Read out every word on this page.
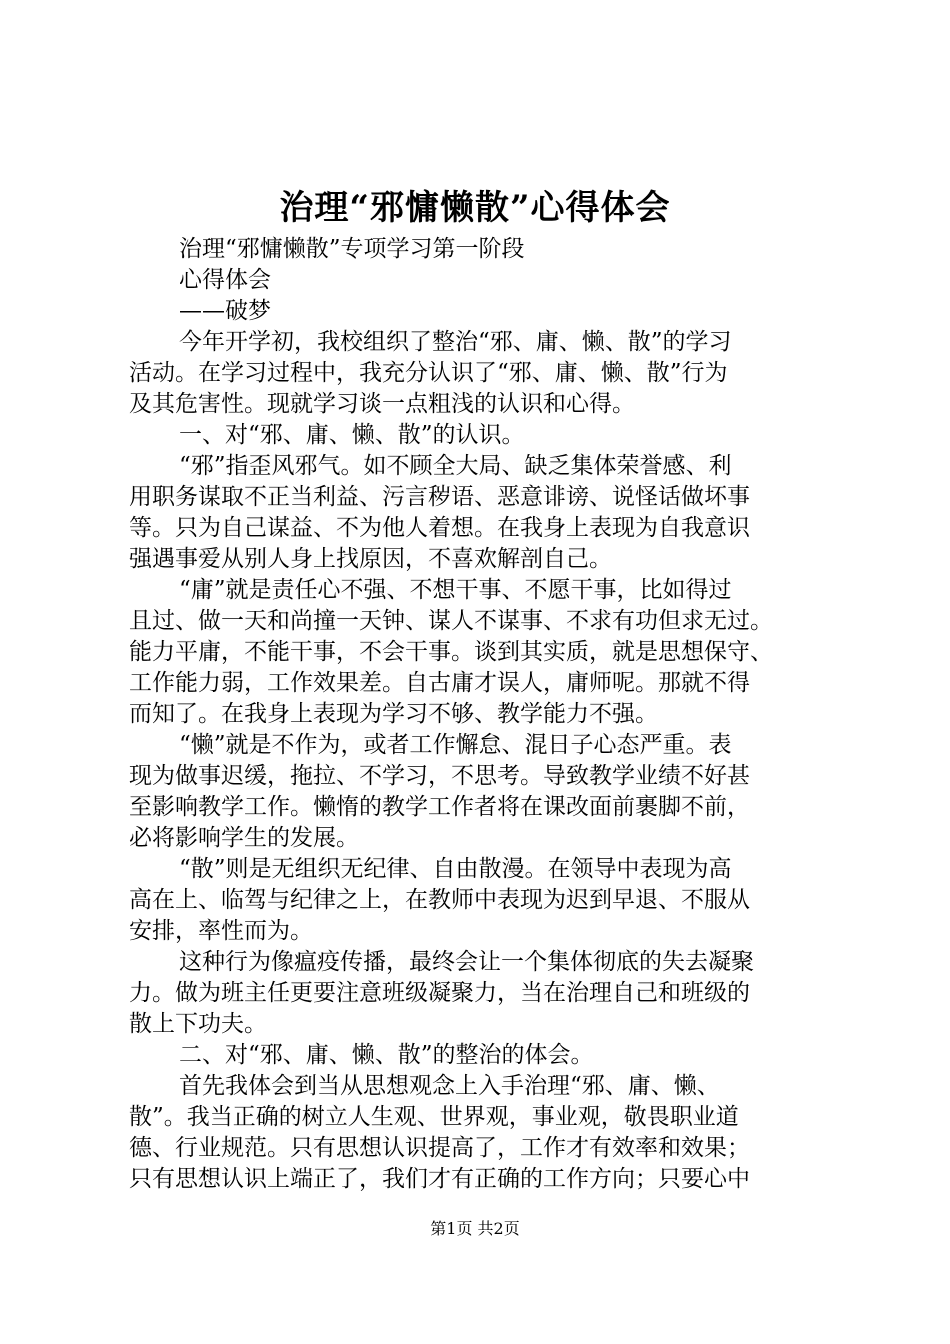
治理“邪慵懒散”心得体会
治理“邪慵懒散”专项学习第一阶段
心得体会
——破梦
今年开学初，我校组织了整治“邪、庸、懒、散”的学习
活动。在学习过程中，我充分认识了“邪、庸、懒、散”行为
及其危害性。现就学习谈一点粗浅的认识和心得。
一、对“邪、庸、懒、散”的认识。
“邪”指歪风邪气。如不顾全大局、缺乏集体荣誉感、利
用职务谋取不正当利益、污言秽语、恶意诽谤、说怪话做坏事
等。只为自己谋益、不为他人着想。在我身上表现为自我意识
强遇事爱从别人身上找原因，不喜欢解剖自己。
“庸”就是责任心不强、不想干事、不愿干事，比如得过
且过、做一天和尚撞一天钟、谋人不谋事、不求有功但求无过。
能力平庸，不能干事，不会干事。谈到其实质，就是思想保守、
工作能力弱，工作效果差。自古庸才误人，庸师呢。那就不得
而知了。在我身上表现为学习不够、教学能力不强。
“懒”就是不作为，或者工作懈怠、混日子心态严重。表
现为做事迟缓，拖拉、不学习，不思考。导致教学业绩不好甚
至影响教学工作。懒惰的教学工作者将在课改面前裹脚不前，
必将影响学生的发展。
“散”则是无组织无纪律、自由散漫。在领导中表现为高
高在上、临驾与纪律之上，在教师中表现为迟到早退、不服从
安排，率性而为。
这种行为像瘟疫传播，最终会让一个集体彻底的失去凝聚
力。做为班主任更要注意班级凝聚力，当在治理自己和班级的
散上下功夫。
二、对“邪、庸、懒、散”的整治的体会。
首先我体会到当从思想观念上入手治理“邪、庸、懒、
散”。我当正确的树立人生观、世界观，事业观，敬畏职业道
德、行业规范。只有思想认识提高了，工作才有效率和效果；
只有思想认识上端正了，我们才有正确的工作方向；只要心中
第1页 共2页
